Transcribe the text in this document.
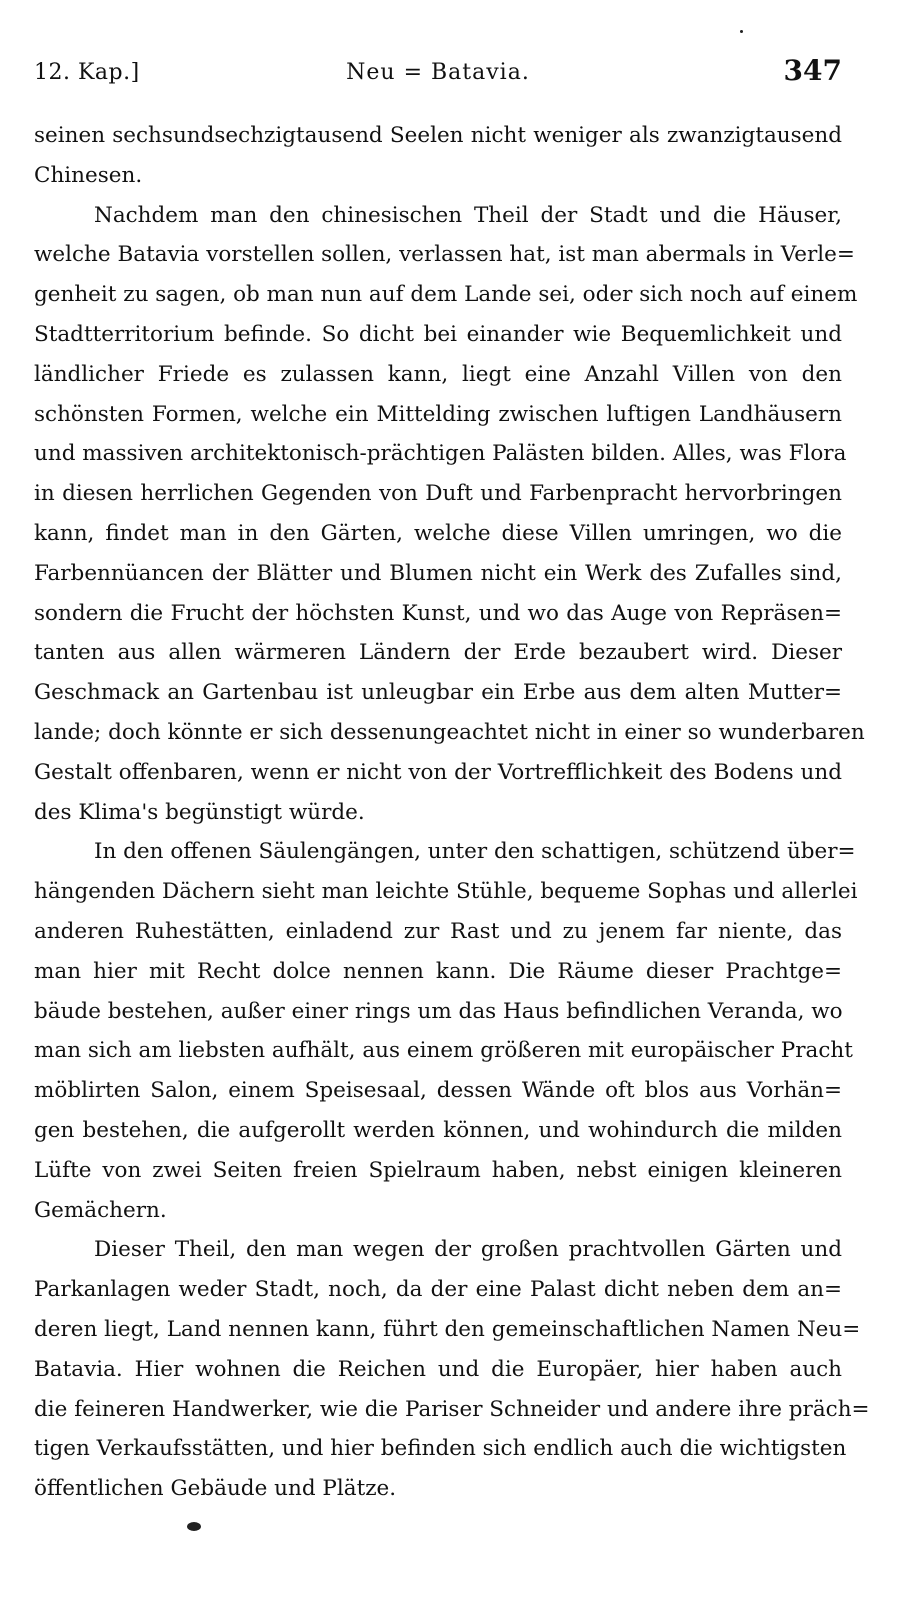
12. Kap.]	Neu = Batavia.	347
seinen sechsundsechzigtausend Seelen nicht weniger als zwanzigtausend
Chinesen.
Nachdem man den chinesischen Theil der Stadt und die Häuser,
welche Batavia vorstellen sollen, verlassen hat, ist man abermals in Verle=
genheit zu sagen, ob man nun auf dem Lande sei, oder sich noch auf einem
Stadtterritorium befinde. So dicht bei einander wie Bequemlichkeit und
ländlicher Friede es zulassen kann, liegt eine Anzahl Villen von den
schönsten Formen, welche ein Mittelding zwischen luftigen Landhäusern
und massiven architektonisch-prächtigen Palästen bilden. Alles, was Flora
in diesen herrlichen Gegenden von Duft und Farbenpracht hervorbringen
kann, findet man in den Gärten, welche diese Villen umringen, wo die
Farbennüancen der Blätter und Blumen nicht ein Werk des Zufalles sind,
sondern die Frucht der höchsten Kunst, und wo das Auge von Repräsen=
tanten aus allen wärmeren Ländern der Erde bezaubert wird. Dieser
Geschmack an Gartenbau ist unleugbar ein Erbe aus dem alten Mutter=
lande; doch könnte er sich dessenungeachtet nicht in einer so wunderbaren
Gestalt offenbaren, wenn er nicht von der Vortrefflichkeit des Bodens und
des Klima's begünstigt würde.
In den offenen Säulengängen, unter den schattigen, schützend über=
hängenden Dächern sieht man leichte Stühle, bequeme Sophas und allerlei
anderen Ruhestätten, einladend zur Rast und zu jenem far niente, das
man hier mit Recht dolce nennen kann. Die Räume dieser Prachtge=
bäude bestehen, außer einer rings um das Haus befindlichen Veranda, wo
man sich am liebsten aufhält, aus einem größeren mit europäischer Pracht
möblirten Salon, einem Speisesaal, dessen Wände oft blos aus Vorhän=
gen bestehen, die aufgerollt werden können, und wohindurch die milden
Lüfte von zwei Seiten freien Spielraum haben, nebst einigen kleineren
Gemächern.
Dieser Theil, den man wegen der großen prachtvollen Gärten und
Parkanlagen weder Stadt, noch, da der eine Palast dicht neben dem an=
deren liegt, Land nennen kann, führt den gemeinschaftlichen Namen Neu=
Batavia. Hier wohnen die Reichen und die Europäer, hier haben auch
die feineren Handwerker, wie die Pariser Schneider und andere ihre präch=
tigen Verkaufsstätten, und hier befinden sich endlich auch die wichtigsten
öffentlichen Gebäude und Plätze.
